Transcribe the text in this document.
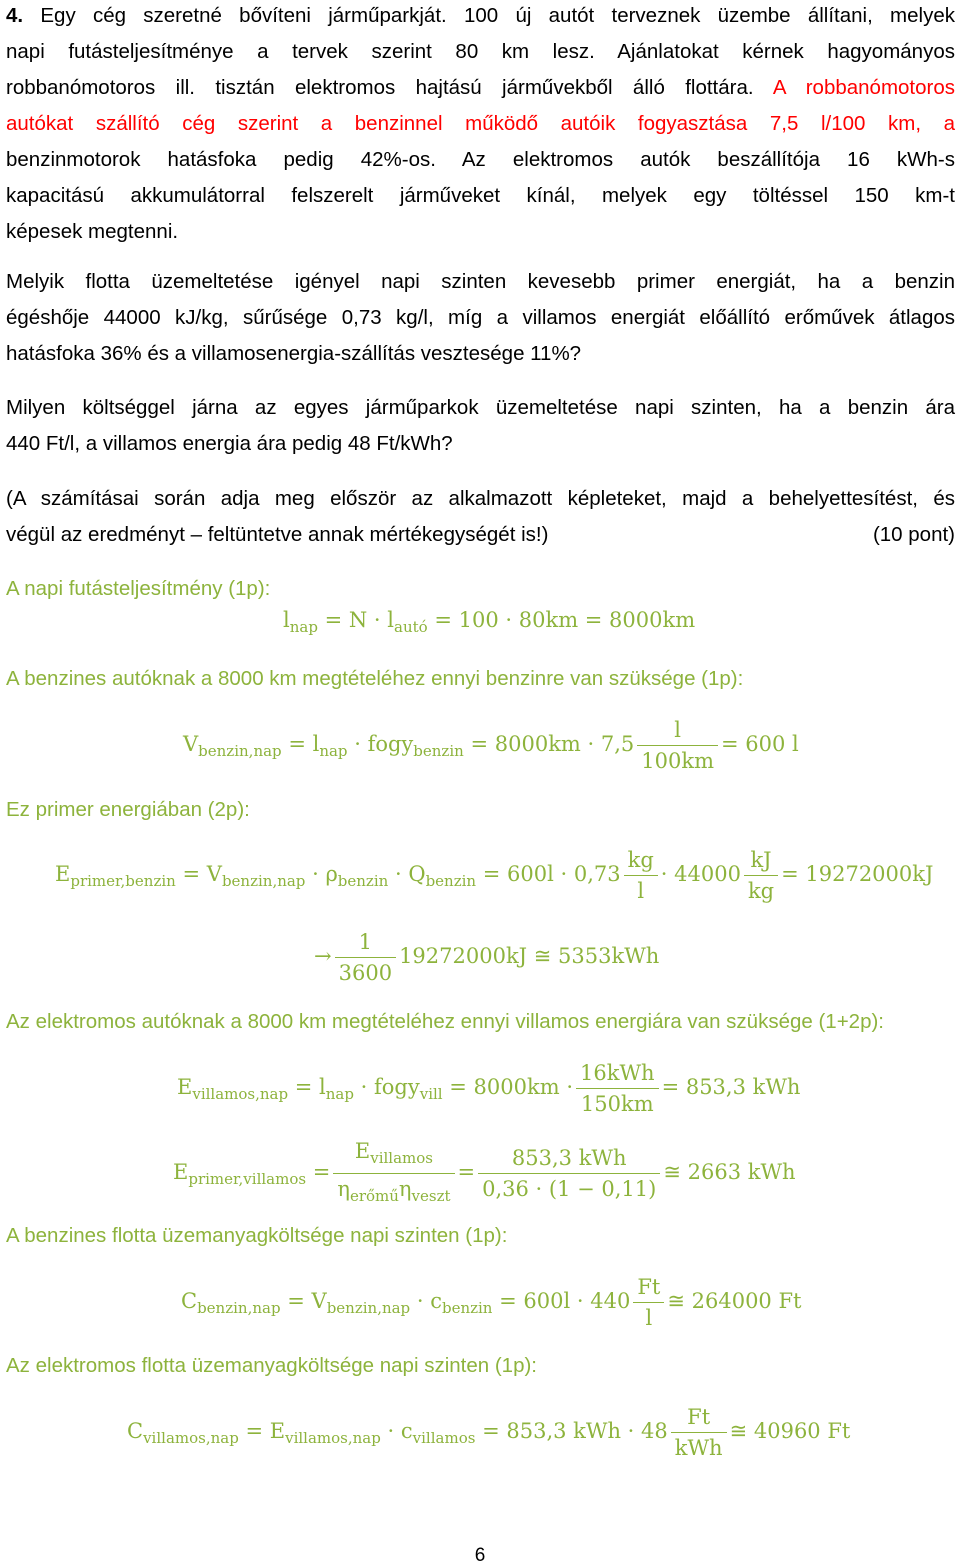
4. Egy cég szeretné bővíteni járműparkját. 100 új autót terveznek üzembe állítani, melyek
napi futásteljesítménye a tervek szerint 80 km lesz. Ajánlatokat kérnek hagyományos
robbanómotoros ill. tisztán elektromos hajtású járművekből álló flottára. A robbanómotoros
autókat szállító cég szerint a benzinnel működő autóik fogyasztása 7,5 l/100 km, a
benzinmotorok hatásfoka pedig 42%-os. Az elektromos autók beszállítója 16 kWh-s
kapacitású akkumulátorral felszerelt járműveket kínál, melyek egy töltéssel 150 km-t
képesek megtenni.
Melyik flotta üzemeltetése igényel napi szinten kevesebb primer energiát, ha a benzin
égéshője 44000 kJ/kg, sűrűsége 0,73 kg/l, míg a villamos energiát előállító erőművek átlagos
hatásfoka 36% és a villamosenergia-szállítás vesztesége 11%?
Milyen költséggel járna az egyes járműparkok üzemeltetése napi szinten, ha a benzin ára
440 Ft/l, a villamos energia ára pedig 48 Ft/kWh?
(A számításai során adja meg először az alkalmazott képleteket, majd a behelyettesítést, és
végül az eredményt – feltüntetve annak mértékegységét is!)	(10 pont)

A napi futásteljesítmény (1p):

$l_{nap} = N \cdot l_{autó} = 100 \cdot 80km = 8000km$

A benzines autóknak a 8000 km megtételéhez ennyi benzinre van szüksége (1p):

$V_{benzin,nap} = l_{nap}$ · fogy$_{benzin}$ = $8000km \cdot 7,5 \frac{l}{100km} = 600$ l

Ez primer energiában (2p):

$E_{primer,benzin} = V_{benzin,nap} \cdot \rho_{benzin} \cdot Q_{benzin} = 600l \cdot 0,73 \frac{kg}{l} \cdot 44000 \frac{kJ}{kg} = 19272000kJ$
→ $\frac{1}{3600} 19272000kJ$ ≅ 5353kWh

Az elektromos autóknak a 8000 km megtételéhez ennyi villamos energiára van szüksége (1+2p):

$E_{villamos,nap} = l_{nap}$ · fogy$_{vill}$ = $8000km \cdot \frac{\text{16kWh}}{150km} = 853,3$ kWh
$E_{primer,villamos} = \frac{E_{villamos}}{\eta_{erőmű}\eta_{veszt}} = \frac{\text{853,3 kWh}}{0,36 \cdot (1 - 0,11)}$ ≅ 2663 kWh

A benzines flotta üzemanyagköltsége napi szinten (1p):

$C_{benzin,nap} = V_{benzin,nap} \cdot c_{benzin} = 600l \cdot 440 \frac{Ft}{l}$ ≅ 264000 Ft

Az elektromos flotta üzemanyagköltsége napi szinten (1p):

$C_{villamos,nap} = E_{villamos,nap} \cdot c_{villamos} = 853,3$ kWh · $48 \frac{Ft}{\text{kWh}}$ ≅ 40960 Ft
6
